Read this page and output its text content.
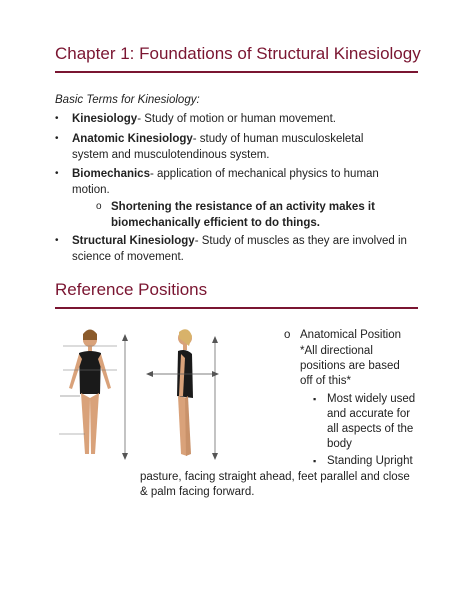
Chapter 1: Foundations of Structural Kinesiology
Basic Terms for Kinesiology:
• Kinesiology- Study of motion or human movement.
• Anatomic Kinesiology- study of human musculoskeletal system and musculotendinous system.
• Biomechanics- application of mechanical physics to human motion.
o Shortening the resistance of an activity makes it biomechanically efficient to do things.
• Structural Kinesiology- Study of muscles as they are involved in science of movement.
Reference Positions
o Anatomical Position
*All directional positions are based off of this*
▪ Most widely used and accurate for all aspects of the body
▪ Standing Upright
pasture, facing straight ahead, feet parallel and close & palm facing forward.
